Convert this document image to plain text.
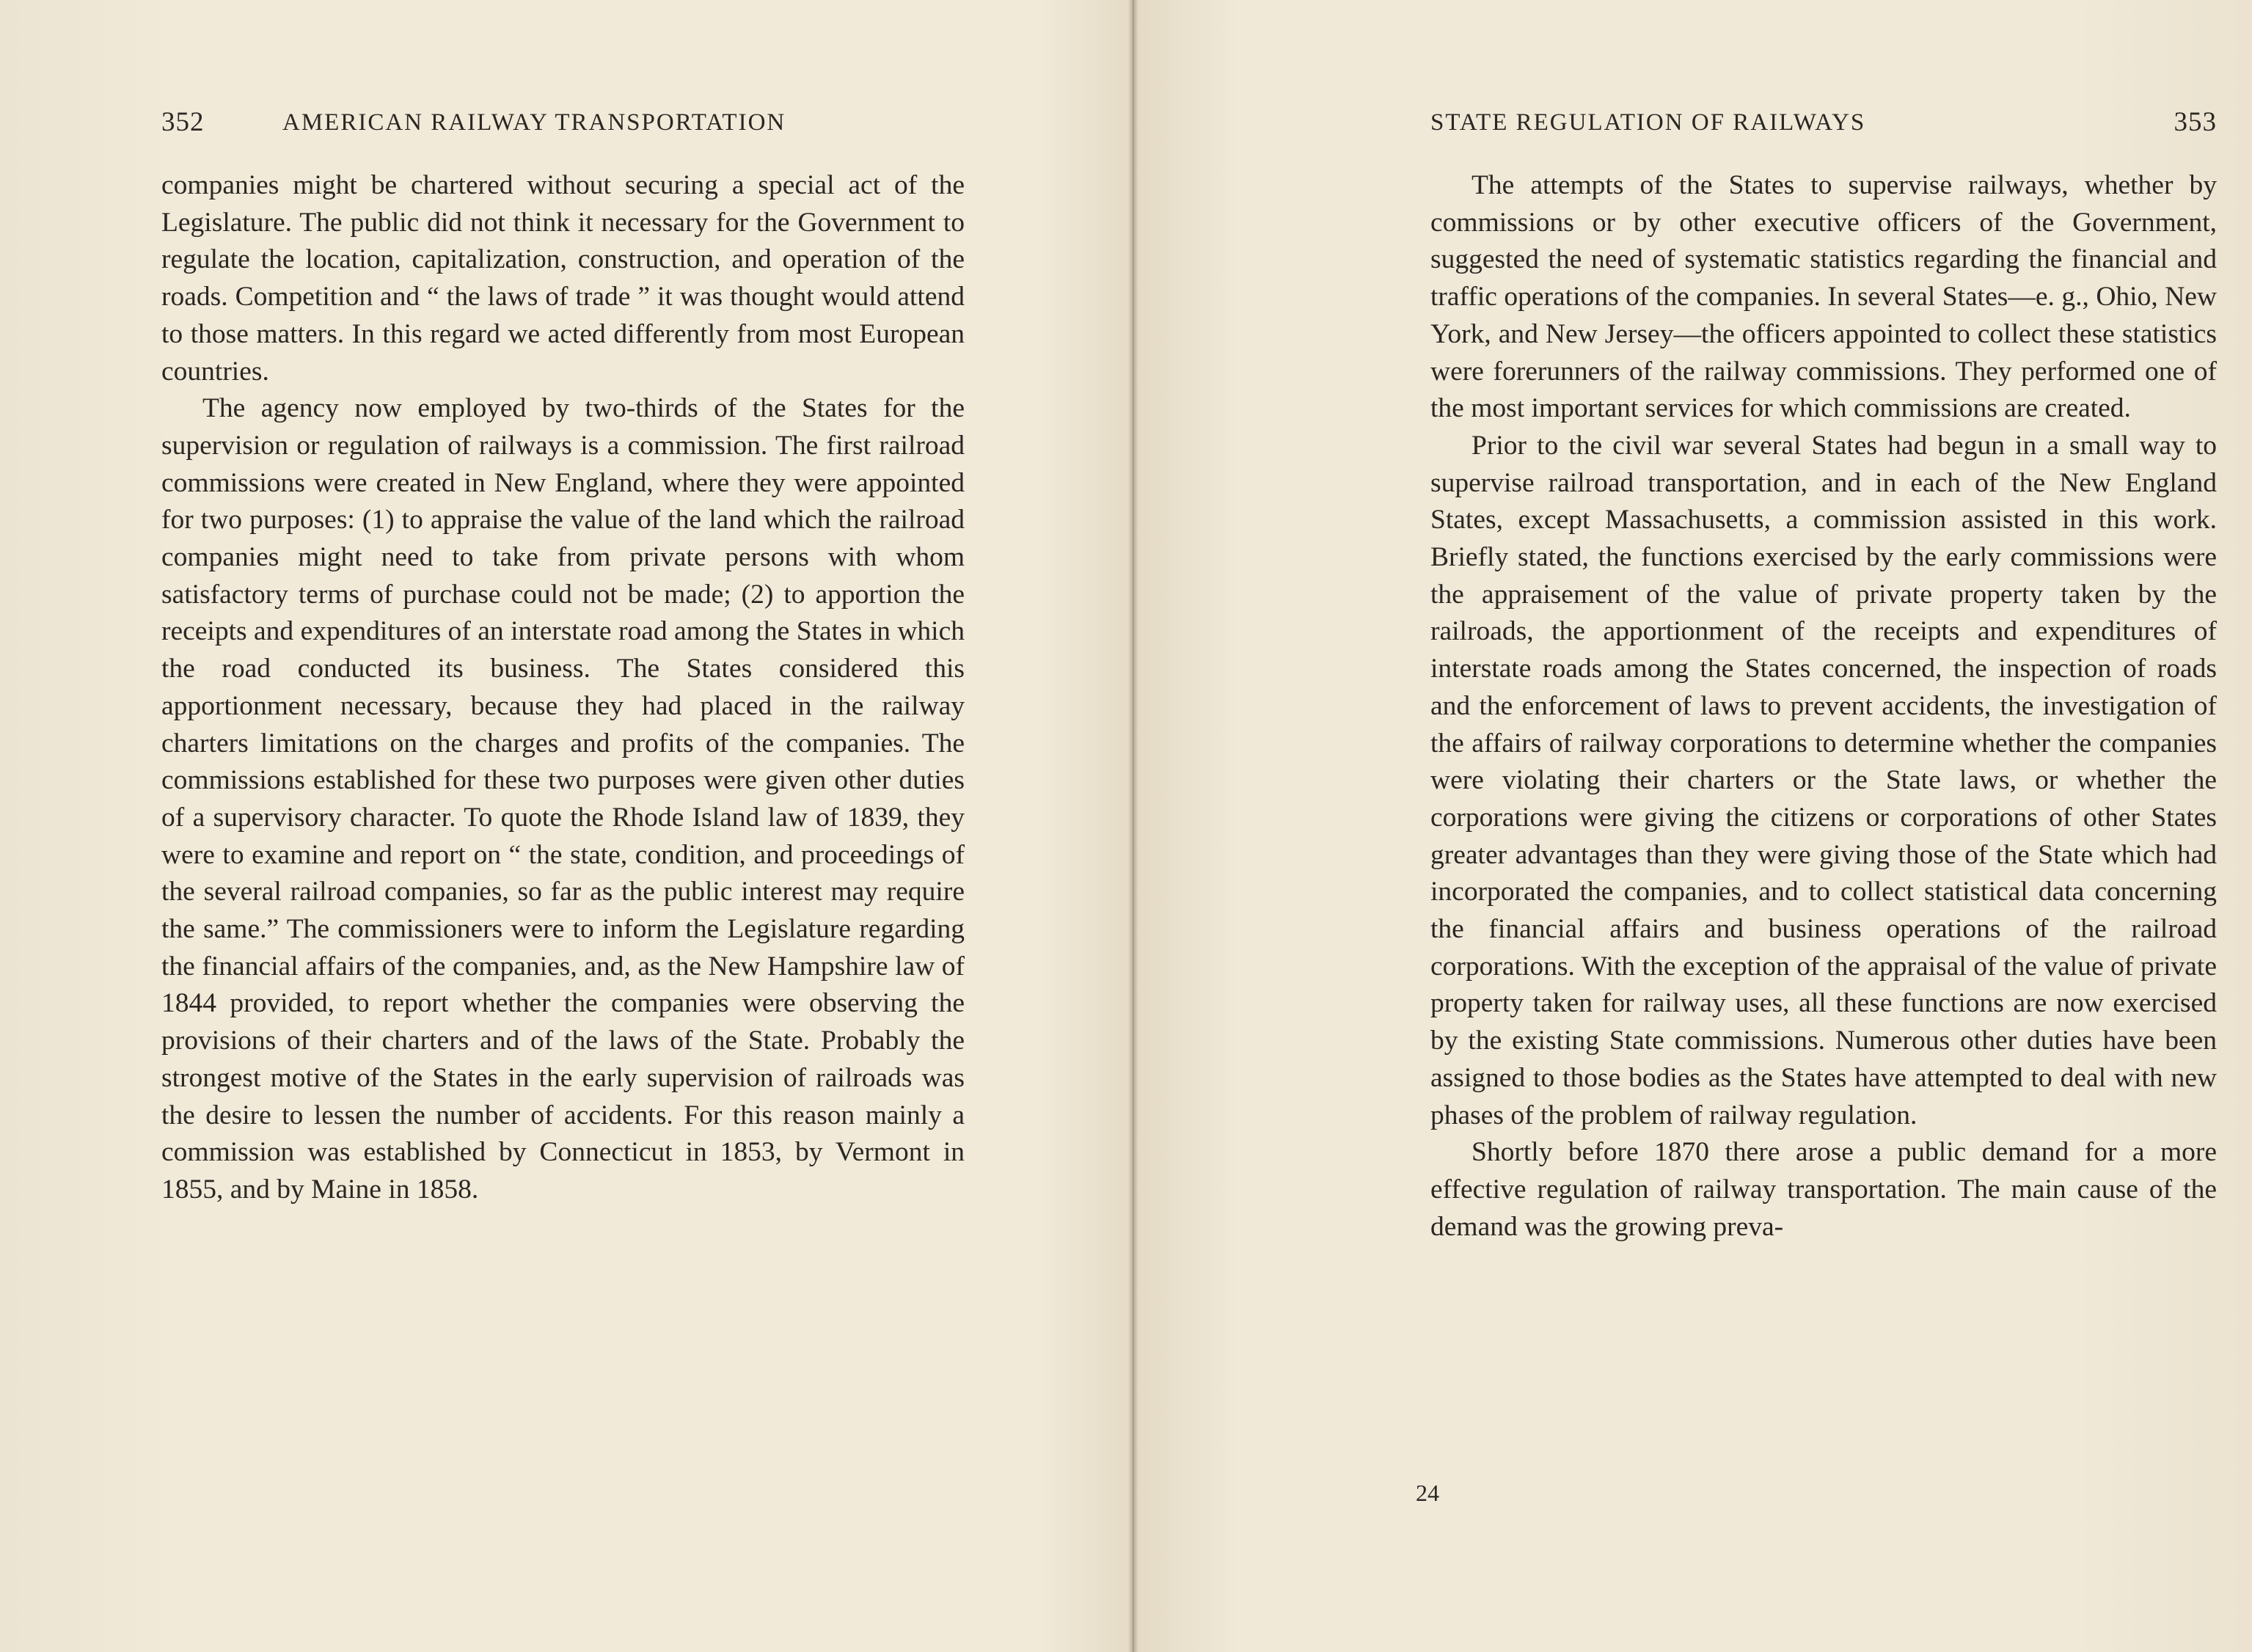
352	AMERICAN RAILWAY TRANSPORTATION

companies might be chartered without securing a special act of the Legislature. The public did not think it necessary for the Government to regulate the location, capitalization, construction, and operation of the roads. Competition and “ the laws of trade ” it was thought would attend to those matters. In this regard we acted differently from most European countries.

The agency now employed by two-thirds of the States for the supervision or regulation of railways is a commission. The first railroad commissions were created in New England, where they were appointed for two purposes: (1) to appraise the value of the land which the railroad companies might need to take from private persons with whom satisfactory terms of purchase could not be made; (2) to apportion the receipts and expenditures of an interstate road among the States in which the road conducted its business. The States considered this apportionment necessary, because they had placed in the railway charters limitations on the charges and profits of the companies. The commissions established for these two purposes were given other duties of a supervisory character. To quote the Rhode Island law of 1839, they were to examine and report on “ the state, condition, and proceedings of the several railroad companies, so far as the public interest may require the same.” The commissioners were to inform the Legislature regarding the financial affairs of the companies, and, as the New Hampshire law of 1844 provided, to report whether the companies were observing the provisions of their charters and of the laws of the State. Probably the strongest motive of the States in the early supervision of railroads was the desire to lessen the number of accidents. For this reason mainly a commission was established by Connecticut in 1853, by Vermont in 1855, and by Maine in 1858.

STATE REGULATION OF RAILWAYS	353

The attempts of the States to supervise railways, whether by commissions or by other executive officers of the Government, suggested the need of systematic statistics regarding the financial and traffic operations of the companies. In several States—e. g., Ohio, New York, and New Jersey—the officers appointed to collect these statistics were forerunners of the railway commissions. They performed one of the most important services for which commissions are created.

Prior to the civil war several States had begun in a small way to supervise railroad transportation, and in each of the New England States, except Massachusetts, a commission assisted in this work. Briefly stated, the functions exercised by the early commissions were the appraisement of the value of private property taken by the railroads, the apportionment of the receipts and expenditures of interstate roads among the States concerned, the inspection of roads and the enforcement of laws to prevent accidents, the investigation of the affairs of railway corporations to determine whether the companies were violating their charters or the State laws, or whether the corporations were giving the citizens or corporations of other States greater advantages than they were giving those of the State which had incorporated the companies, and to collect statistical data concerning the financial affairs and business operations of the railroad corporations. With the exception of the appraisal of the value of private property taken for railway uses, all these functions are now exercised by the existing State commissions. Numerous other duties have been assigned to those bodies as the States have attempted to deal with new phases of the problem of railway regulation.

Shortly before 1870 there arose a public demand for a more effective regulation of railway transportation. The main cause of the demand was the growing preva-

24
